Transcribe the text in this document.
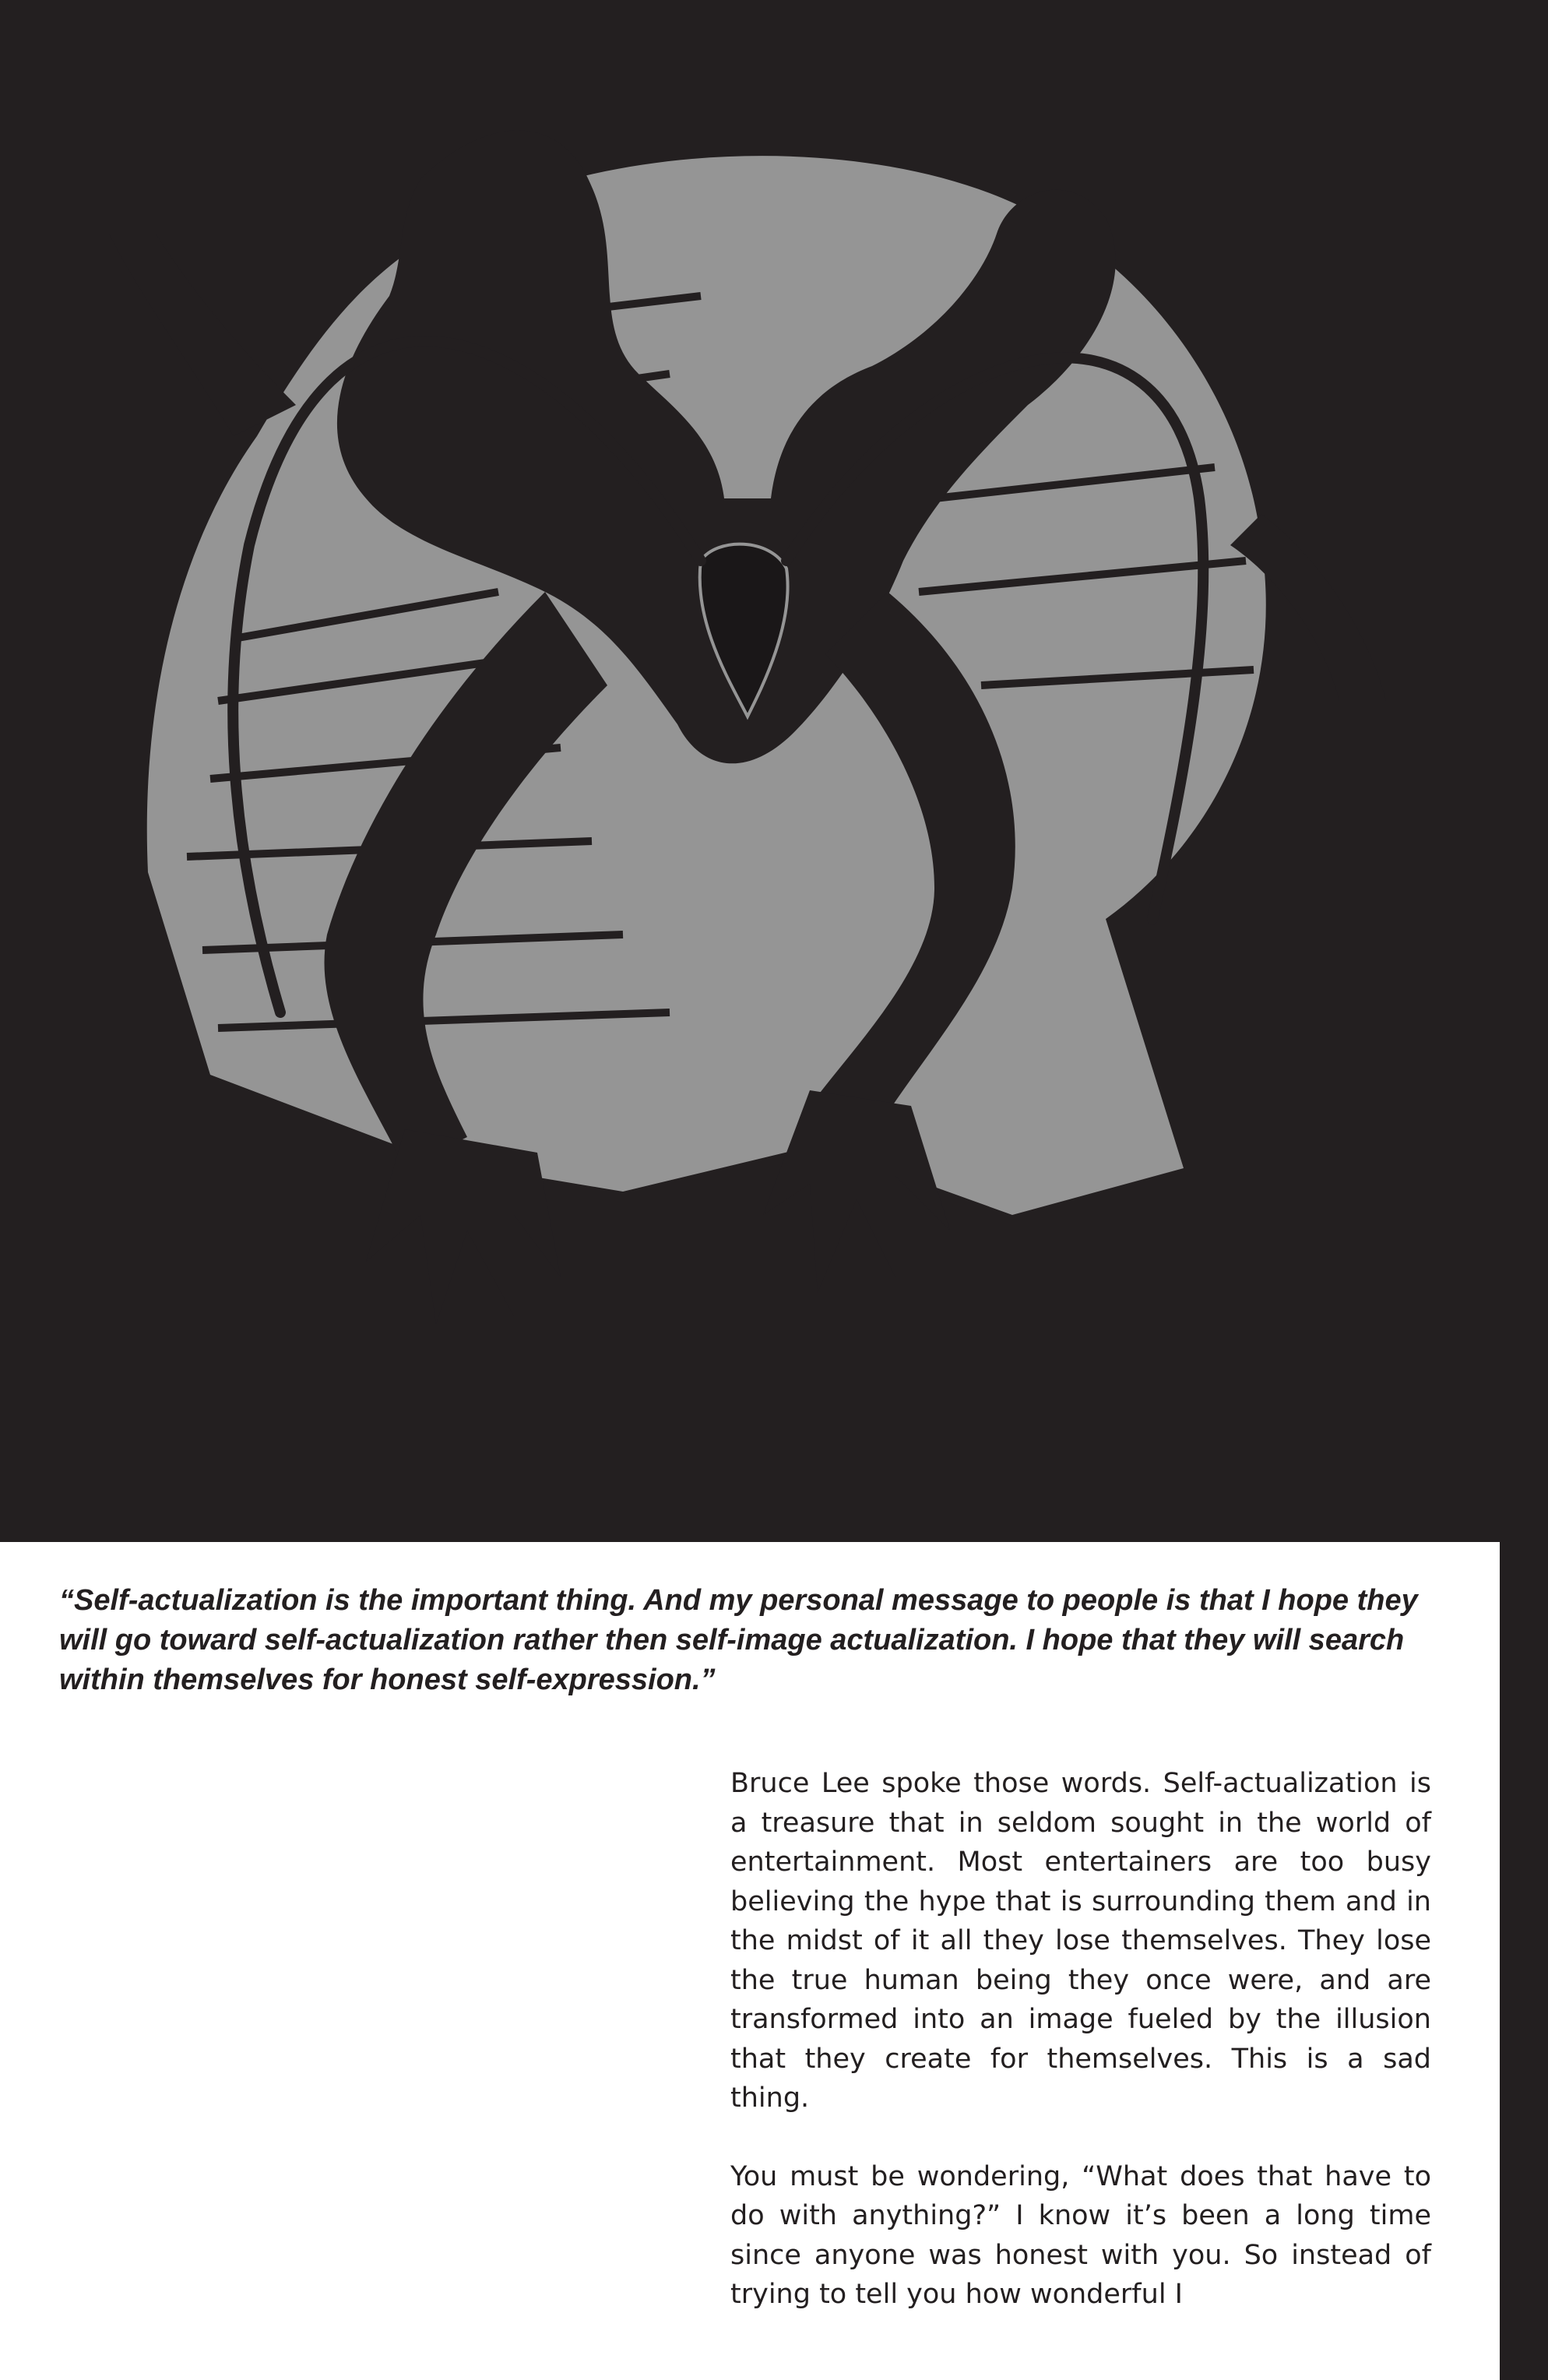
“Self-actualization is the important thing. And my personal message to people is that I hope they will go toward self-actualization rather then self-image actualization. I hope that they will search within themselves for honest self-expression.”

Bruce Lee spoke those words. Self-actualization is a treasure that in seldom sought in the world of entertainment. Most entertainers are too busy believing the hype that is surrounding them and in the midst of it all they lose themselves. They lose the true human being they once were, and are transformed into an image fueled by the illusion that they create for themselves. This is a sad thing.

You must be wondering, “What does that have to do with anything?” I know it’s been a long time since anyone was honest with you. So instead of trying to tell you how wonderful I
